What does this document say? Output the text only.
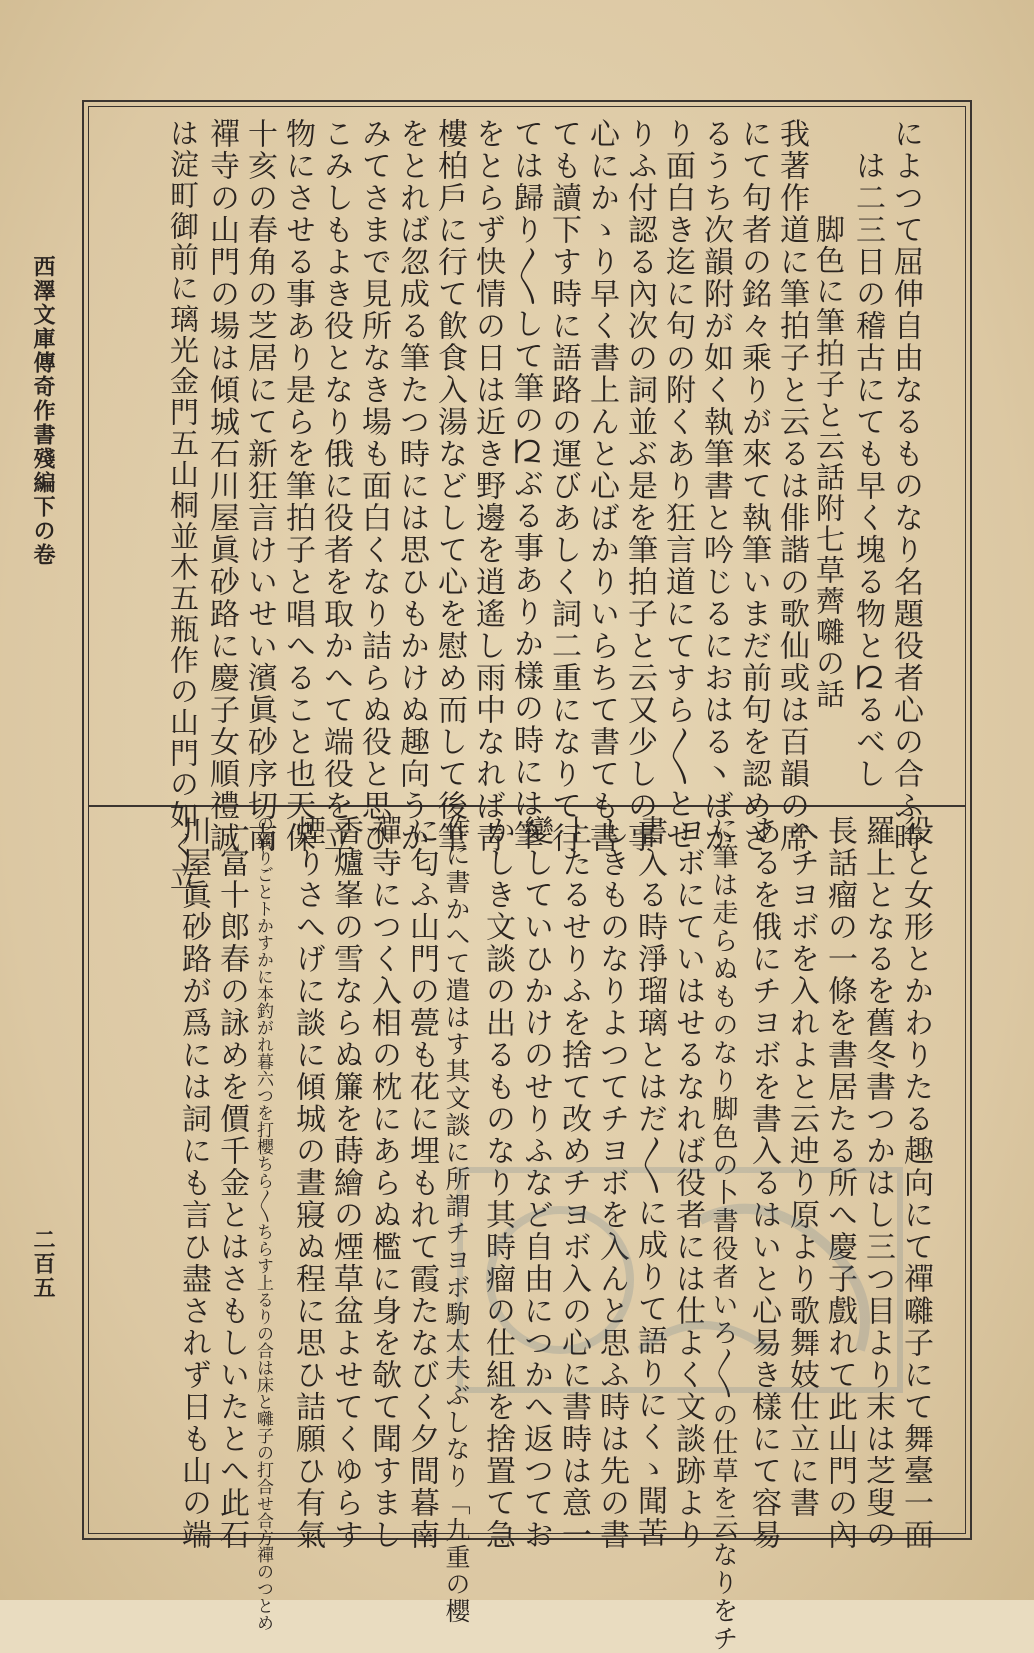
西澤文庫傳奇作書殘編下の卷
二百五
によつて屈伸自由なるものなり名題役者心の合ふ時
は二三日の稽古にても早く塊る物と𛀁るべし
脚色に筆拍子と云話附七草薺囃の話
我著作道に筆拍子と云るは俳諧の歌仙或は百韻の席
にて句者の銘々乘りが來て執筆いまだ前句を認めざ
るうち次韻附が如く執筆書と吟じるにおはる丶ばか
り面白き迄に句の附くあり狂言道にてすら〳〵とせ
りふ付認る內次の詞並ぶ是を筆拍子と云又少しの事
心にかゝり早く書上んと心ばかりいらちて書ても書
ても讀下す時に語路の運びあしく詞二重になりて行
ては歸り〳〵して筆の𛀁ぶる事ありか樣の時には筆
をとらず快情の日は近き野邊を逍遙し雨中なれば靑
樓柏戶に行て飮食入湯などして心を慰め而して後筆
をとれば忽成る筆たつ時には思ひもかけぬ趣向うか
みてさまで見所なき場も面白くなり詰らぬ役と思ひ
こみしもよき役となり俄に役者を取かへて端役を立
物にさせる事あり是らを筆拍子と唱へること也天保
十亥の春角の芝居にて新狂言けいせい濱眞砂序切南
禪寺の山門の場は傾城石川屋眞砂路に慶子女順禮誠
は淀町御前に璃光金門五山桐並木五瓶作の山門の如く立
役と女形とかわりたる趣向にて禪囃子にて舞臺一面
羅上となるを舊冬書つかはし三つ目より末は芝叟の
長話瘤の一條を書居たる所へ慶子戲れて此山門の內
へチヨボを入れよと云迚り原より歌舞妓仕立に書
あるを俄にチヨボを書入るはいと心易き樣にて容易
に筆は走らぬものなり脚色の卜書役者いろ〳〵の仕草を云なりをチ
ヨボにていはせるなれば役者には仕よく文談跡より
書入る時淨瑠璃とはだ〳〵に成りて語りにくゝ聞苦
しきものなりよつてチヨボを入んと思ふ時は先の書
上たるせりふを捨て改めチヨボ入の心に書時は意一
變していひかけのせりふなど自由につかへ返つてお
かしき文談の出るものなり其時瘤の仕組を捨置て急
作に書かへて遣はす其文談に所謂チヨボ駒太夫ぶしなり「九重の櫻
に匂ふ山門の甍も花に埋もれて霞たなびく夕間暮南
禪寺につく入相の枕にあらぬ檻に身を欹て聞すまし
香爐峯の雪ならぬ簾を蒔繪の煙草盆よせてくゆらす
煙りさへげに談に傾城の晝寢ぬ程に思ひ詰願ひ有氣
の獨りごとトかすかに本釣がれ暮六つを打櫻ちら〳〵ちらす上るりの合は床と囃子の打合せ合方禪のつとめ
一富十郎春の詠めを價千金とはさもしいたとへ此石
川屋眞砂路が爲には詞にも言ひ盡されず日も山の端
